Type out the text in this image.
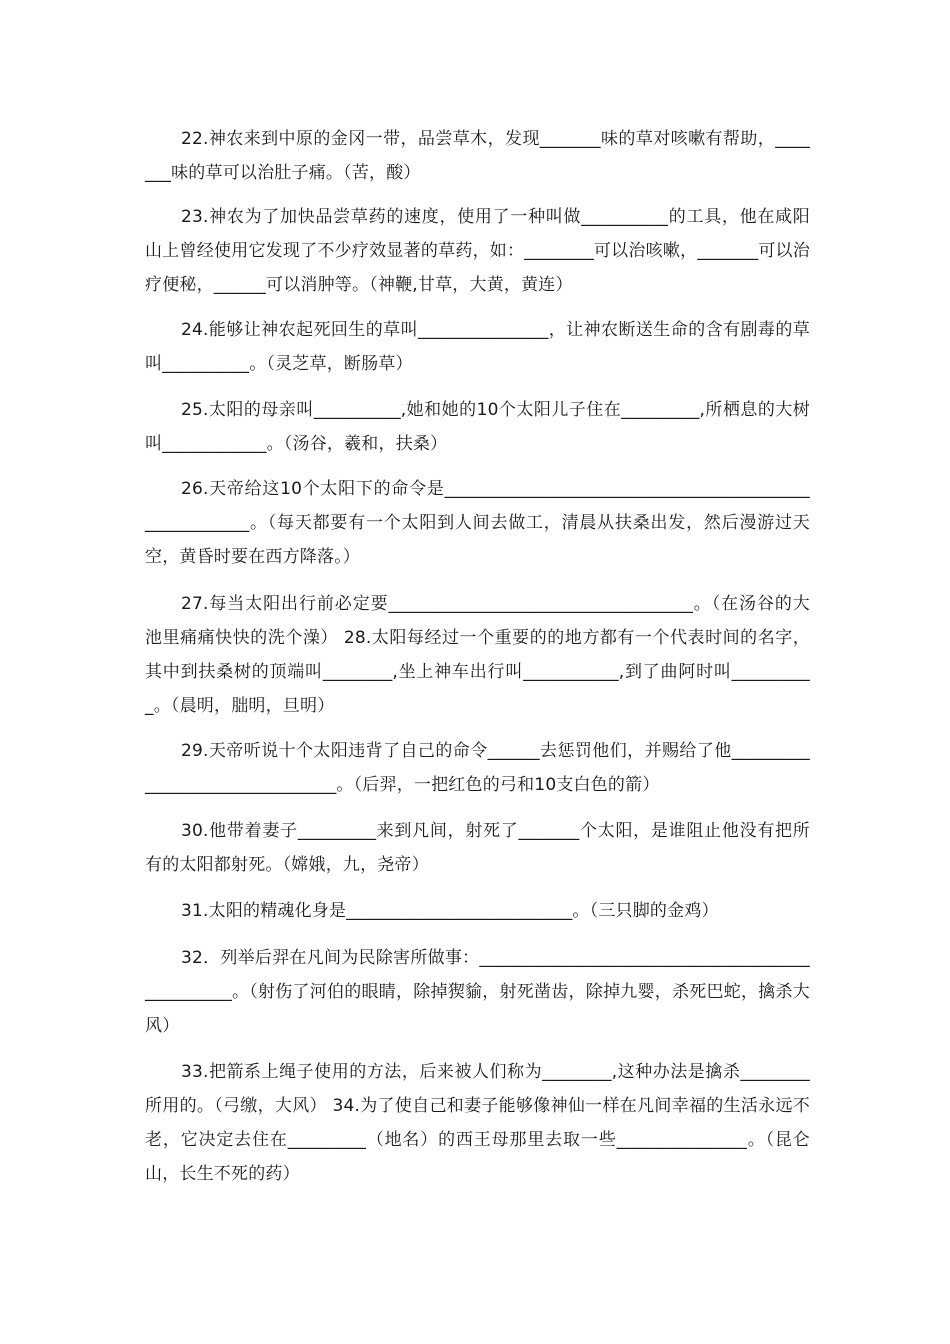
22.神农来到中原的金冈一带，品尝草木，发现_______味的草对咳嗽有帮助，_______味的草可以治肚子痛。（苦，酸）

23.神农为了加快品尝草药的速度，使用了一种叫做__________的工具，他在咸阳山上曾经使用它发现了不少疗效显著的草药，如：________可以治咳嗽，_______可以治疗便秘，______可以消肿等。（神鞭,甘草，大黄，黄连）

24.能够让神农起死回生的草叫_______________，让神农断送生命的含有剧毒的草叫__________。（灵芝草，断肠草）

25.太阳的母亲叫__________,她和她的10个太阳儿子住在_________,所栖息的大树叫____________。（汤谷，羲和，扶桑）

26.天帝给这10个太阳下的命令是______________________________________________________。（每天都要有一个太阳到人间去做工，清晨从扶桑出发，然后漫游过天空，黄昏时要在西方降落。）

27.每当太阳出行前必定要___________________________________。（在汤谷的大池里痛痛快快的洗个澡） 28.太阳每经过一个重要的的地方都有一个代表时间的名字，其中到扶桑树的顶端叫________,坐上神车出行叫___________,到了曲阿时叫_________ _。（晨明，朏明，旦明）

29.天帝听说十个太阳违背了自己的命令______去惩罚他们，并赐给了他_______________________________。（后羿，一把红色的弓和10支白色的箭）

30.他带着妻子_________来到凡间，射死了_______个太阳，是谁阻止他没有把所有的太阳都射死。（嫦娥，九，尧帝）

31.太阳的精魂化身是__________________________。（三只脚的金鸡）

32．列举后羿在凡间为民除害所做事：________________________________________________。（射伤了河伯的眼睛，除掉猰貐，射死凿齿，除掉九婴，杀死巴蛇，擒杀大风）

33.把箭系上绳子使用的方法，后来被人们称为________,这种办法是擒杀________所用的。（弓缴，大风） 34.为了使自己和妻子能够像神仙一样在凡间幸福的生活永远不老，它决定去住在_________（地名）的西王母那里去取一些_______________。（昆仑山，长生不死的药）
